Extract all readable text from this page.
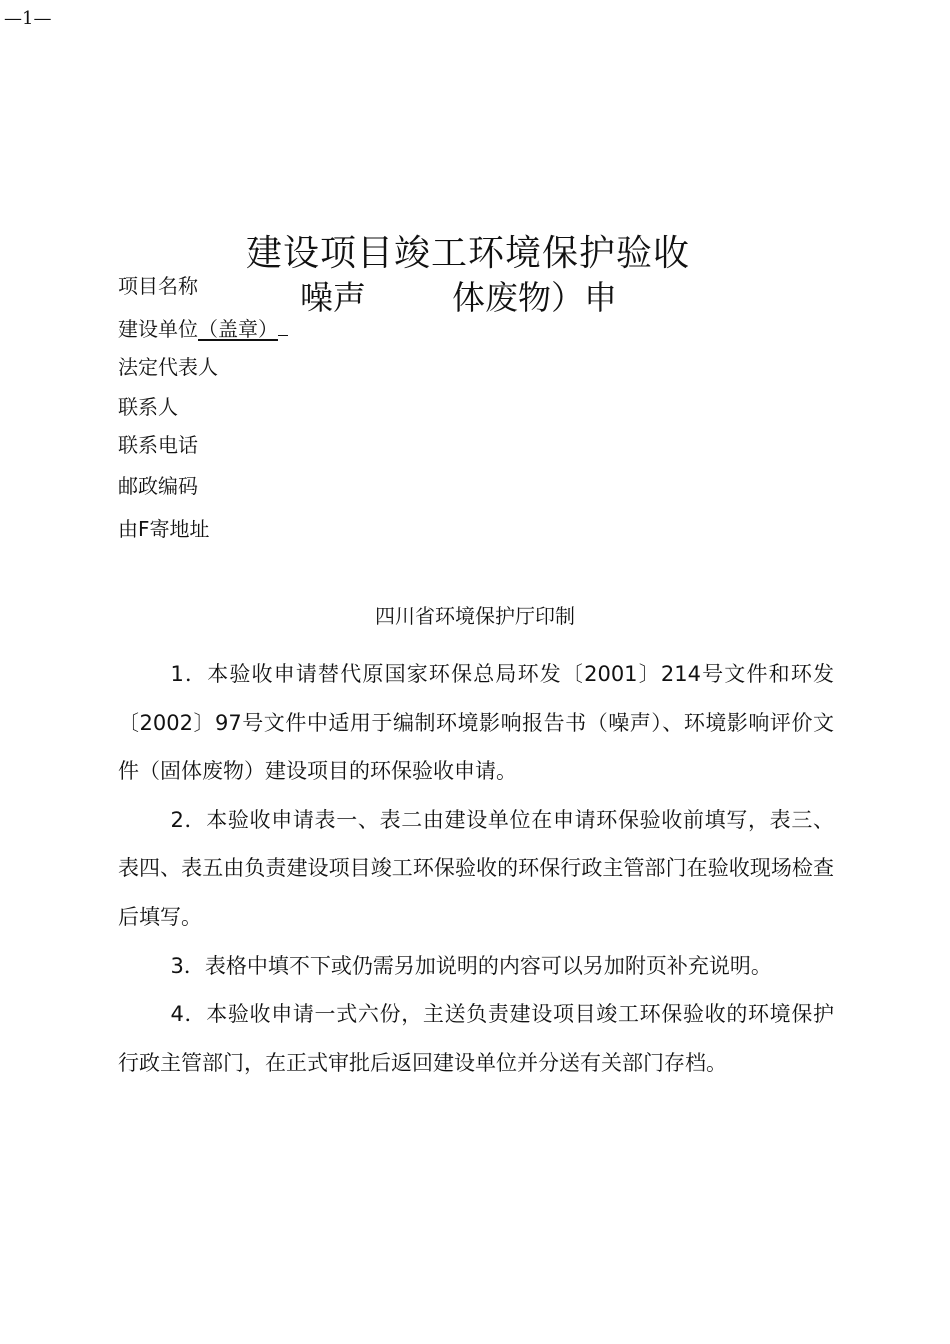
—1—
建设项目竣工环境保护验收
噪声	体废物）申
项目名称
建设单位（盖章）
法定代表人
联系人
联系电话
邮政编码
由F寄地址
四川省环境保护厅印制

1．本验收申请替代原国家环保总局环发〔2001〕214号文件和环发〔2002〕97号文件中适用于编制环境影响报告书（噪声）、环境影响评价文件（固体废物）建设项目的环保验收申请。

2．本验收申请表一、表二由建设单位在申请环保验收前填写，表三、表四、表五由负责建设项目竣工环保验收的环保行政主管部门在验收现场检查后填写。

3．表格中填不下或仍需另加说明的内容可以另加附页补充说明。

4．本验收申请一式六份，主送负责建设项目竣工环保验收的环境保护行政主管部门，在正式审批后返回建设单位并分送有关部门存档。
